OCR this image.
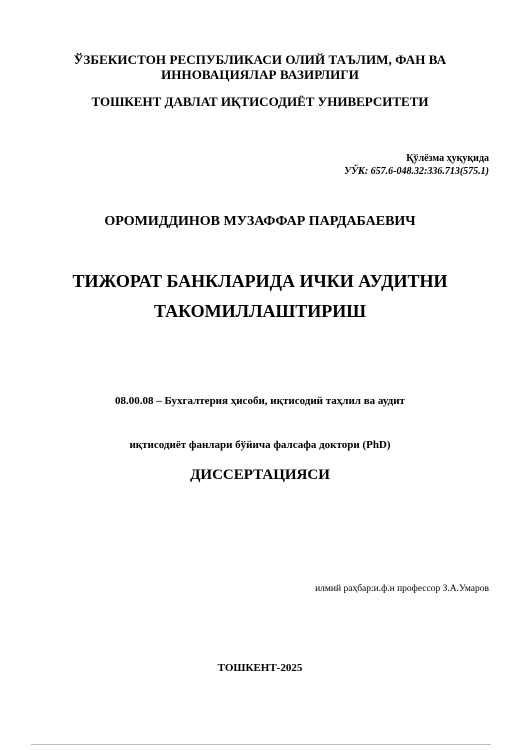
ЎЗБЕКИСТОН РЕСПУБЛИКАСИ ОЛИЙ ТАЪЛИМ, ФАН ВА
ИННОВАЦИЯЛАР ВАЗИРЛИГИ
ТОШКЕНТ ДАВЛАТ ИҚТИСОДИЁТ УНИВЕРСИТЕТИ
Қўлёзма ҳуқуқида
УЎК: 657.6-048.32:336.713(575.1)
ОРОМИДДИНОВ МУЗАФФАР ПАРДАБАЕВИЧ
ТИЖОРАТ БАНКЛАРИДА ИЧКИ АУДИТНИ
ТАКОМИЛЛАШТИРИШ
08.00.08 – Бухгалтерия ҳисоби, иқтисодий таҳлил ва аудит
иқтисодиёт фанлари бўйича фалсафа доктори (PhD)
ДИССЕРТАЦИЯСИ
илмий раҳбар:и.ф.н профессор З.А.Умаров
ТОШКЕНТ-2025
